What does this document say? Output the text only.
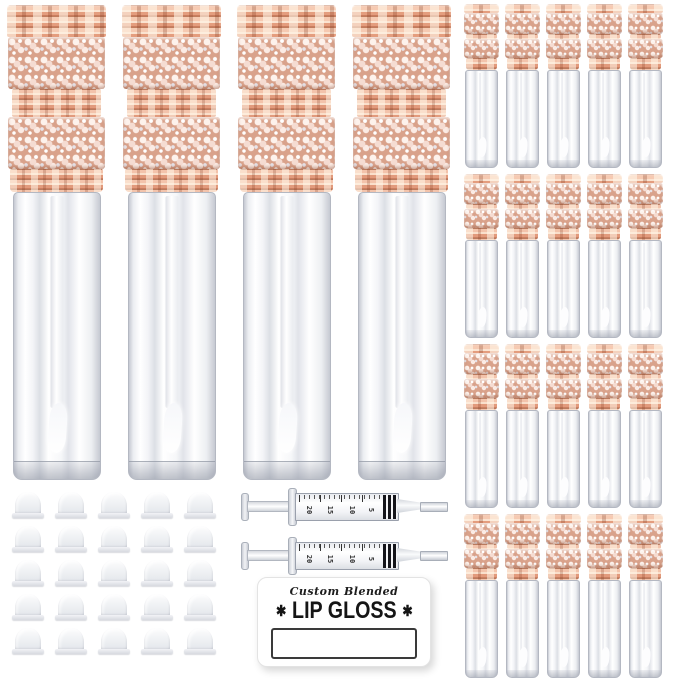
20 15 10 5
20 15 10 5
Custom Blended
✱ LIP GLOSS ✱
